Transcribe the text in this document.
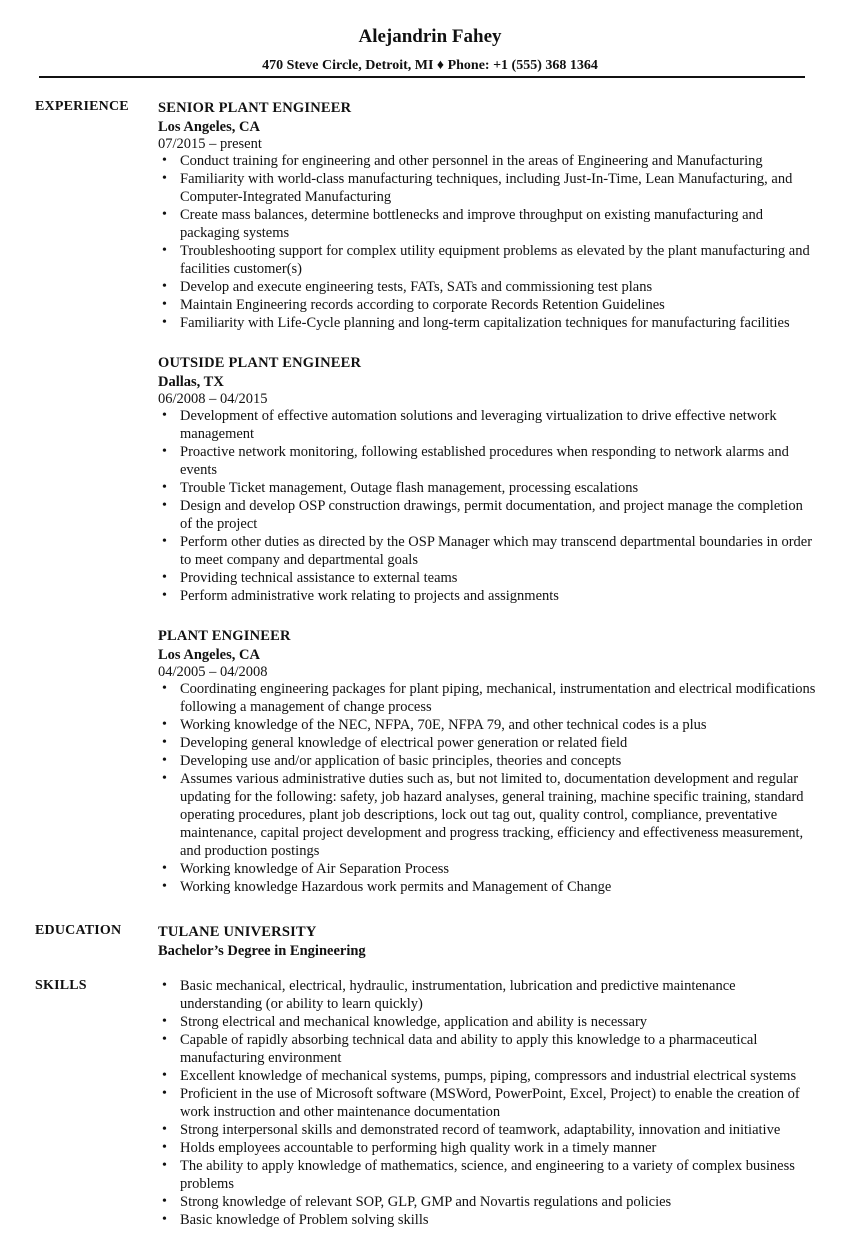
Alejandrin Fahey
470 Steve Circle, Detroit, MI ♦ Phone: +1 (555) 368 1364
EXPERIENCE SENIOR PLANT ENGINEER
Los Angeles, CA
07/2015 – present
• Conduct training for engineering and other personnel in the areas of Engineering and Manufacturing
• Familiarity with world-class manufacturing techniques, including Just-In-Time, Lean Manufacturing, and Computer-Integrated Manufacturing
• Create mass balances, determine bottlenecks and improve throughput on existing manufacturing and packaging systems
• Troubleshooting support for complex utility equipment problems as elevated by the plant manufacturing and facilities customer(s)
• Develop and execute engineering tests, FATs, SATs and commissioning test plans
• Maintain Engineering records according to corporate Records Retention Guidelines
• Familiarity with Life-Cycle planning and long-term capitalization techniques for manufacturing facilities
OUTSIDE PLANT ENGINEER
Dallas, TX
06/2008 – 04/2015
• Development of effective automation solutions and leveraging virtualization to drive effective network management
• Proactive network monitoring, following established procedures when responding to network alarms and events
• Trouble Ticket management, Outage flash management, processing escalations
• Design and develop OSP construction drawings, permit documentation, and project manage the completion of the project
• Perform other duties as directed by the OSP Manager which may transcend departmental boundaries in order to meet company and departmental goals
• Providing technical assistance to external teams
• Perform administrative work relating to projects and assignments
PLANT ENGINEER
Los Angeles, CA
04/2005 – 04/2008
• Coordinating engineering packages for plant piping, mechanical, instrumentation and electrical modifications following a management of change process
• Working knowledge of the NEC, NFPA, 70E, NFPA 79, and other technical codes is a plus
• Developing general knowledge of electrical power generation or related field
• Developing use and/or application of basic principles, theories and concepts
• Assumes various administrative duties such as, but not limited to, documentation development and regular updating for the following: safety, job hazard analyses, general training, machine specific training, standard operating procedures, plant job descriptions, lock out tag out, quality control, compliance, preventative maintenance, capital project development and progress tracking, efficiency and effectiveness measurement, and production postings
• Working knowledge of Air Separation Process
• Working knowledge Hazardous work permits and Management of Change
EDUCATION	TULANE UNIVERSITY
Bachelor’s Degree in Engineering
SKILLS
•	Basic mechanical, electrical, hydraulic, instrumentation, lubrication and predictive maintenance understanding (or ability to learn quickly)
• Strong electrical and mechanical knowledge, application and ability is necessary
• Capable of rapidly absorbing technical data and ability to apply this knowledge to a pharmaceutical manufacturing environment
• Excellent knowledge of mechanical systems, pumps, piping, compressors and industrial electrical systems
• Proficient in the use of Microsoft software (MSWord, PowerPoint, Excel, Project) to enable the creation of work instruction and other maintenance documentation
• Strong interpersonal skills and demonstrated record of teamwork, adaptability, innovation and initiative
• Holds employees accountable to performing high quality work in a timely manner
• The ability to apply knowledge of mathematics, science, and engineering to a variety of complex business problems
• Strong knowledge of relevant SOP, GLP, GMP and Novartis regulations and policies
• Basic knowledge of Problem solving skills
